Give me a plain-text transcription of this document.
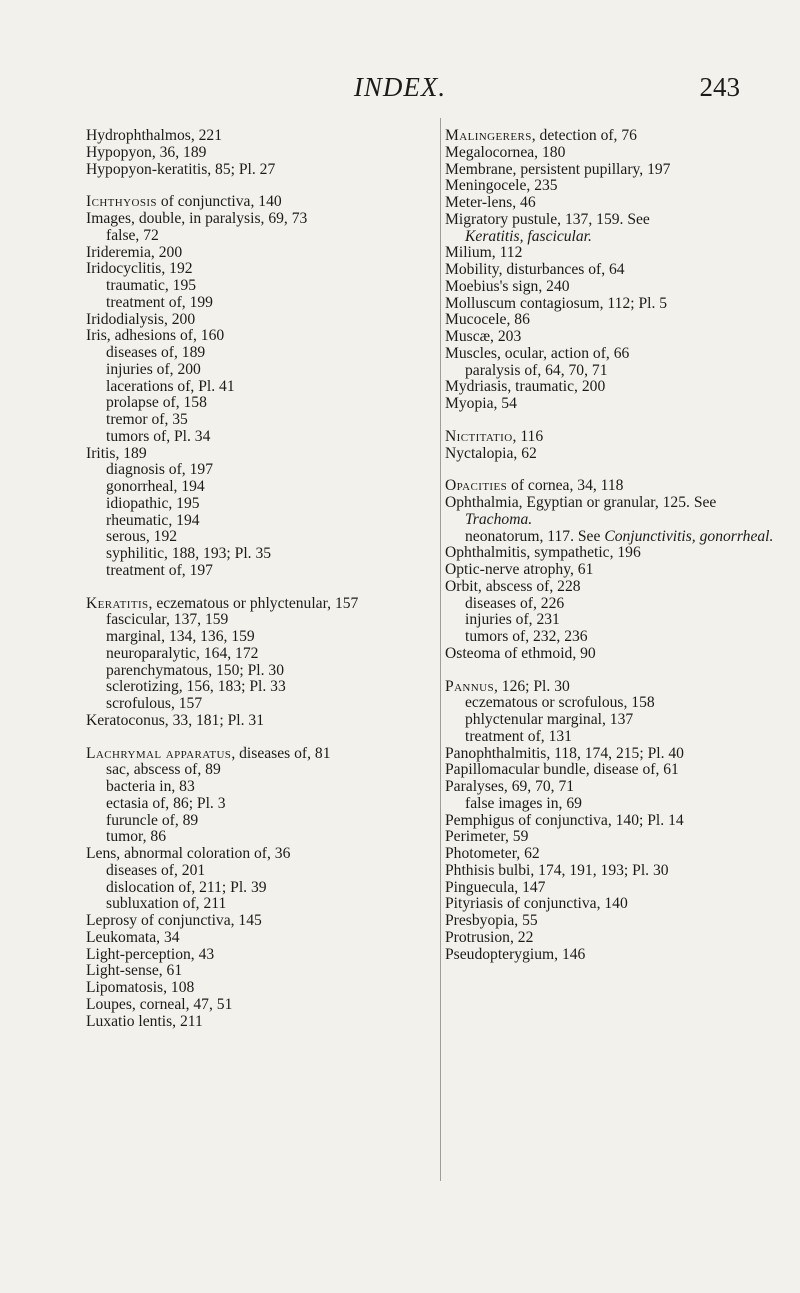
INDEX.	243

Hydrophthalmos, 221

Hypopyon, 36, 189

Hypopyon-keratitis, 85; Pl. 27

Ichthyosis of conjunctiva, 140

Images, double, in paralysis, 69, 73

false, 72

Irideremia, 200

Iridocyclitis, 192

traumatic, 195

treatment of, 199

Iridodialysis, 200

Iris, adhesions of, 160

diseases of, 189

injuries of, 200

lacerations of, Pl. 41

prolapse of, 158

tremor of, 35

tumors of, Pl. 34

Iritis, 189

diagnosis of, 197

gonorrheal, 194

idiopathic, 195

rheumatic, 194

serous, 192

syphilitic, 188, 193; Pl. 35

treatment of, 197

Keratitis, eczematous or phlyctenular, 157

fascicular, 137, 159

marginal, 134, 136, 159

neuroparalytic, 164, 172

parenchymatous, 150; Pl. 30

sclerotizing, 156, 183; Pl. 33

scrofulous, 157

Keratoconus, 33, 181; Pl. 31

Lachrymal apparatus, diseases of, 81

sac, abscess of, 89

bacteria in, 83

ectasia of, 86; Pl. 3

furuncle of, 89

tumor, 86

Lens, abnormal coloration of, 36

diseases of, 201

dislocation of, 211; Pl. 39

subluxation of, 211

Leprosy of conjunctiva, 145

Leukomata, 34

Light-perception, 43

Light-sense, 61

Lipomatosis, 108

Loupes, corneal, 47, 51

Luxatio lentis, 211

Malingerers, detection of, 76

Megalocornea, 180

Membrane, persistent pupillary, 197

Meningocele, 235

Meter-lens, 46

Migratory pustule, 137, 159. See

Keratitis, fascicular.

Milium, 112

Mobility, disturbances of, 64

Moebius's sign, 240

Molluscum contagiosum, 112; Pl. 5

Mucocele, 86

Muscæ, 203

Muscles, ocular, action of, 66

paralysis of, 64, 70, 71

Mydriasis, traumatic, 200

Myopia, 54

Nictitatio, 116

Nyctalopia, 62

Opacities of cornea, 34, 118

Ophthalmia, Egyptian or granular, 125. See Trachoma.

neonatorum, 117. See Conjunctivitis, gonorrheal.

Ophthalmitis, sympathetic, 196

Optic-nerve atrophy, 61

Orbit, abscess of, 228

diseases of, 226

injuries of, 231

tumors of, 232, 236

Osteoma of ethmoid, 90

Pannus, 126; Pl. 30

eczematous or scrofulous, 158

phlyctenular marginal, 137

treatment of, 131

Panophthalmitis, 118, 174, 215; Pl. 40

Papillomacular bundle, disease of, 61

Paralyses, 69, 70, 71

false images in, 69

Pemphigus of conjunctiva, 140; Pl. 14

Perimeter, 59

Photometer, 62

Phthisis bulbi, 174, 191, 193; Pl. 30

Pinguecula, 147

Pityriasis of conjunctiva, 140

Presbyopia, 55

Protrusion, 22

Pseudopterygium, 146
